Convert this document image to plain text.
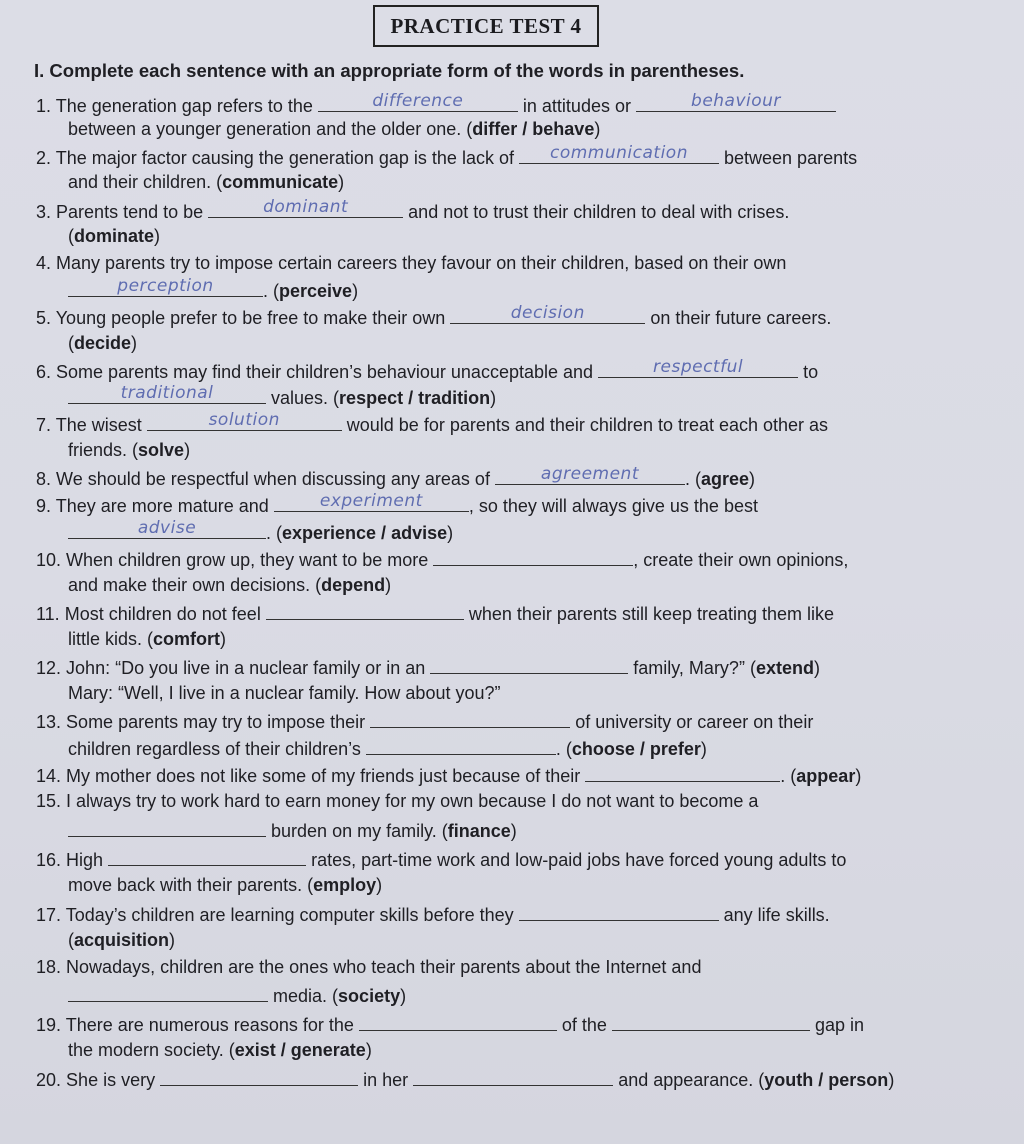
PRACTICE TEST 4
I. Complete each sentence with an appropriate form of the words in parentheses.
1. The generation gap refers to the	difference	in attitudes or	behaviour
between a younger generation and the older one. (differ / behave)
2. The major factor causing the generation gap is the lack of	communication	between parents
and their children. (communicate)
3. Parents tend to be	dominant	and not to trust their children to deal with crises.
(dominate)
4. Many parents try to impose certain careers they favour on their children, based on their own
perception	. (perceive)
5. Young people prefer to be free to make their own	decision	on their future careers.
(decide)
6. Some parents may find their children’s behaviour unacceptable and	respectful	to
traditional	values. (respect / tradition)
7. The wisest	solution	would be for parents and their children to treat each other as
friends. (solve)
8. We should be respectful when discussing any areas of	agreement	. (agree)
9. They are more mature and	experiment	, so they will always give us the best
advise	. (experience / advise)
10. When children grow up, they want to be more	, create their own opinions,
and make their own decisions. (depend)
11. Most children do not feel	when their parents still keep treating them like
little kids. (comfort)
12. John: “Do you live in a nuclear family or in an	family, Mary?” (extend)
Mary: “Well, I live in a nuclear family. How about you?”
13. Some parents may try to impose their	of university or career on their
children regardless of their children’s	. (choose / prefer)
14. My mother does not like some of my friends just because of their	. (appear)
15. I always try to work hard to earn money for my own because I do not want to become a
burden on my family. (finance)
16. High	rates, part-time work and low-paid jobs have forced young adults to
move back with their parents. (employ)
17. Today’s children are learning computer skills before they	any life skills.
(acquisition)
18. Nowadays, children are the ones who teach their parents about the Internet and
media. (society)
19. There are numerous reasons for the	of the	gap in
the modern society. (exist / generate)
20. She is very	in her	and appearance. (youth / person)
